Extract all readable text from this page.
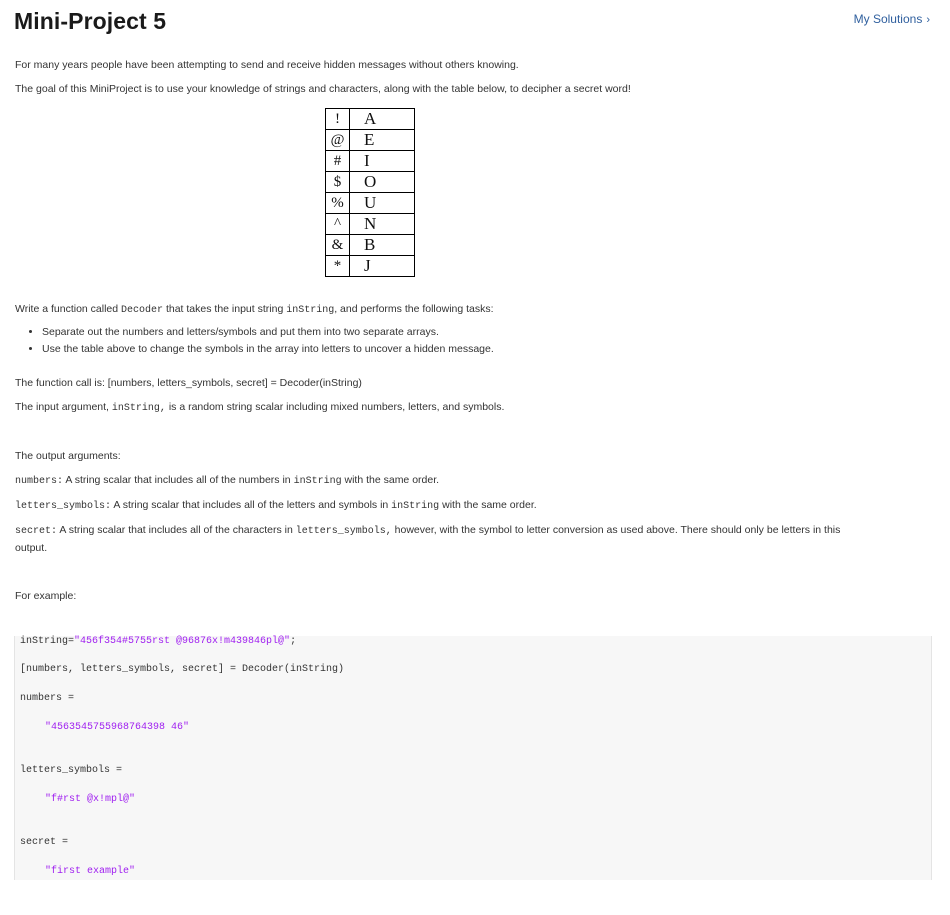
Mini-Project 5	My Solutions ›

For many years people have been attempting to send and receive hidden messages without others knowing.

The goal of this MiniProject is to use your knowledge of strings and characters, along with the table below, to decipher a secret word!

Write a function called Decoder that takes the input string inString, and performs the following tasks:

The function call is: [numbers, letters_symbols, secret] = Decoder(inString)

The input argument, inString, is a random string scalar including mixed numbers, letters, and symbols.

The output arguments:

numbers: A string scalar that includes all of the numbers in inString with the same order.

letters_symbols: A string scalar that includes all of the letters and symbols in inString with the same order.

secret: A string scalar that includes all of the characters in letters_symbols, however, with the symbol to letter conversion as used above. There should only be letters in this

output.

For example:

!	A
@	E
#	I
$	O
%	U
^	N
&	B
*	J
• Separate out the numbers and letters/symbols and put them into two separate arrays.
• Use the table above to change the symbols in the array into letters to uncover a hidden message.
inString="456f354#5755rst @96876x!m439846pl@";
[numbers, letters_symbols, secret] = Decoder(inString)
numbers =
"4563545755968764398 46"
letters_symbols =
"f#rst @x!mpl@"
secret =
"first example"
